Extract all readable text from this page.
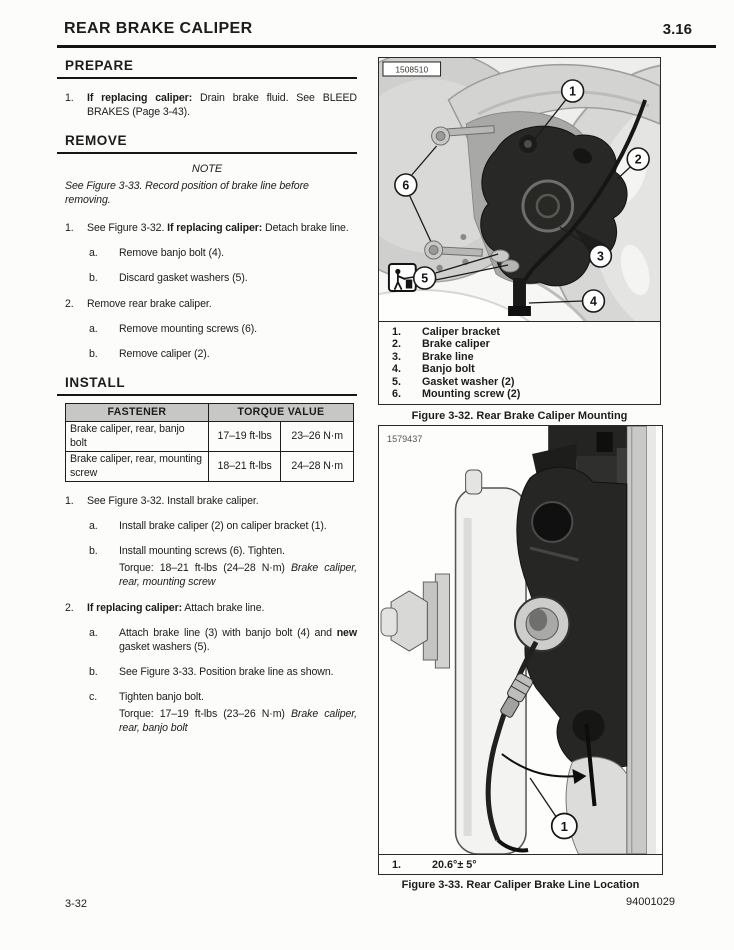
REAR BRAKE CALIPER	3.16
PREPARE
1.	If replacing caliper: Drain brake fluid. See BLEED BRAKES (Page 3-43).
REMOVE
NOTE
See Figure 3-33. Record position of brake line before removing.
1.	See Figure 3-32. If replacing caliper: Detach brake line.
a.	Remove banjo bolt (4).
b.	Discard gasket washers (5).
2.	Remove rear brake caliper.
a.	Remove mounting screws (6).
b.	Remove caliper (2).
INSTALL
FASTENER	TORQUE VALUE	
Brake caliper, rear, banjo bolt	17–19 ft-lbs	23–26 N·m
Brake caliper, rear, mounting screw	18–21 ft-lbs	24–28 N·m
1.	See Figure 3-32. Install brake caliper.
a.	Install brake caliper (2) on caliper bracket (1).
b.	Install mounting screws (6). Tighten.
Torque: 18–21 ft-lbs (24–28 N·m) Brake caliper, rear, mounting screw
2.	If replacing caliper: Attach brake line.
a.	Attach brake line (3) with banjo bolt (4) and new gasket washers (5).
b.	See Figure 3-33. Position brake line as shown.
c.	Tighten banjo bolt.
Torque: 17–19 ft-lbs (23–26 N·m) Brake caliper, rear, banjo bolt
1508510
1
2
3
4
5
6
1.	Caliper bracket
2.	Brake caliper
3.	Brake line
4.	Banjo bolt
5.	Gasket washer (2)
6.	Mounting screw (2)
Figure 3-32. Rear Brake Caliper Mounting
1
1579437
1.	20.6°± 5°
Figure 3-33. Rear Caliper Brake Line Location
3-32	94001029
